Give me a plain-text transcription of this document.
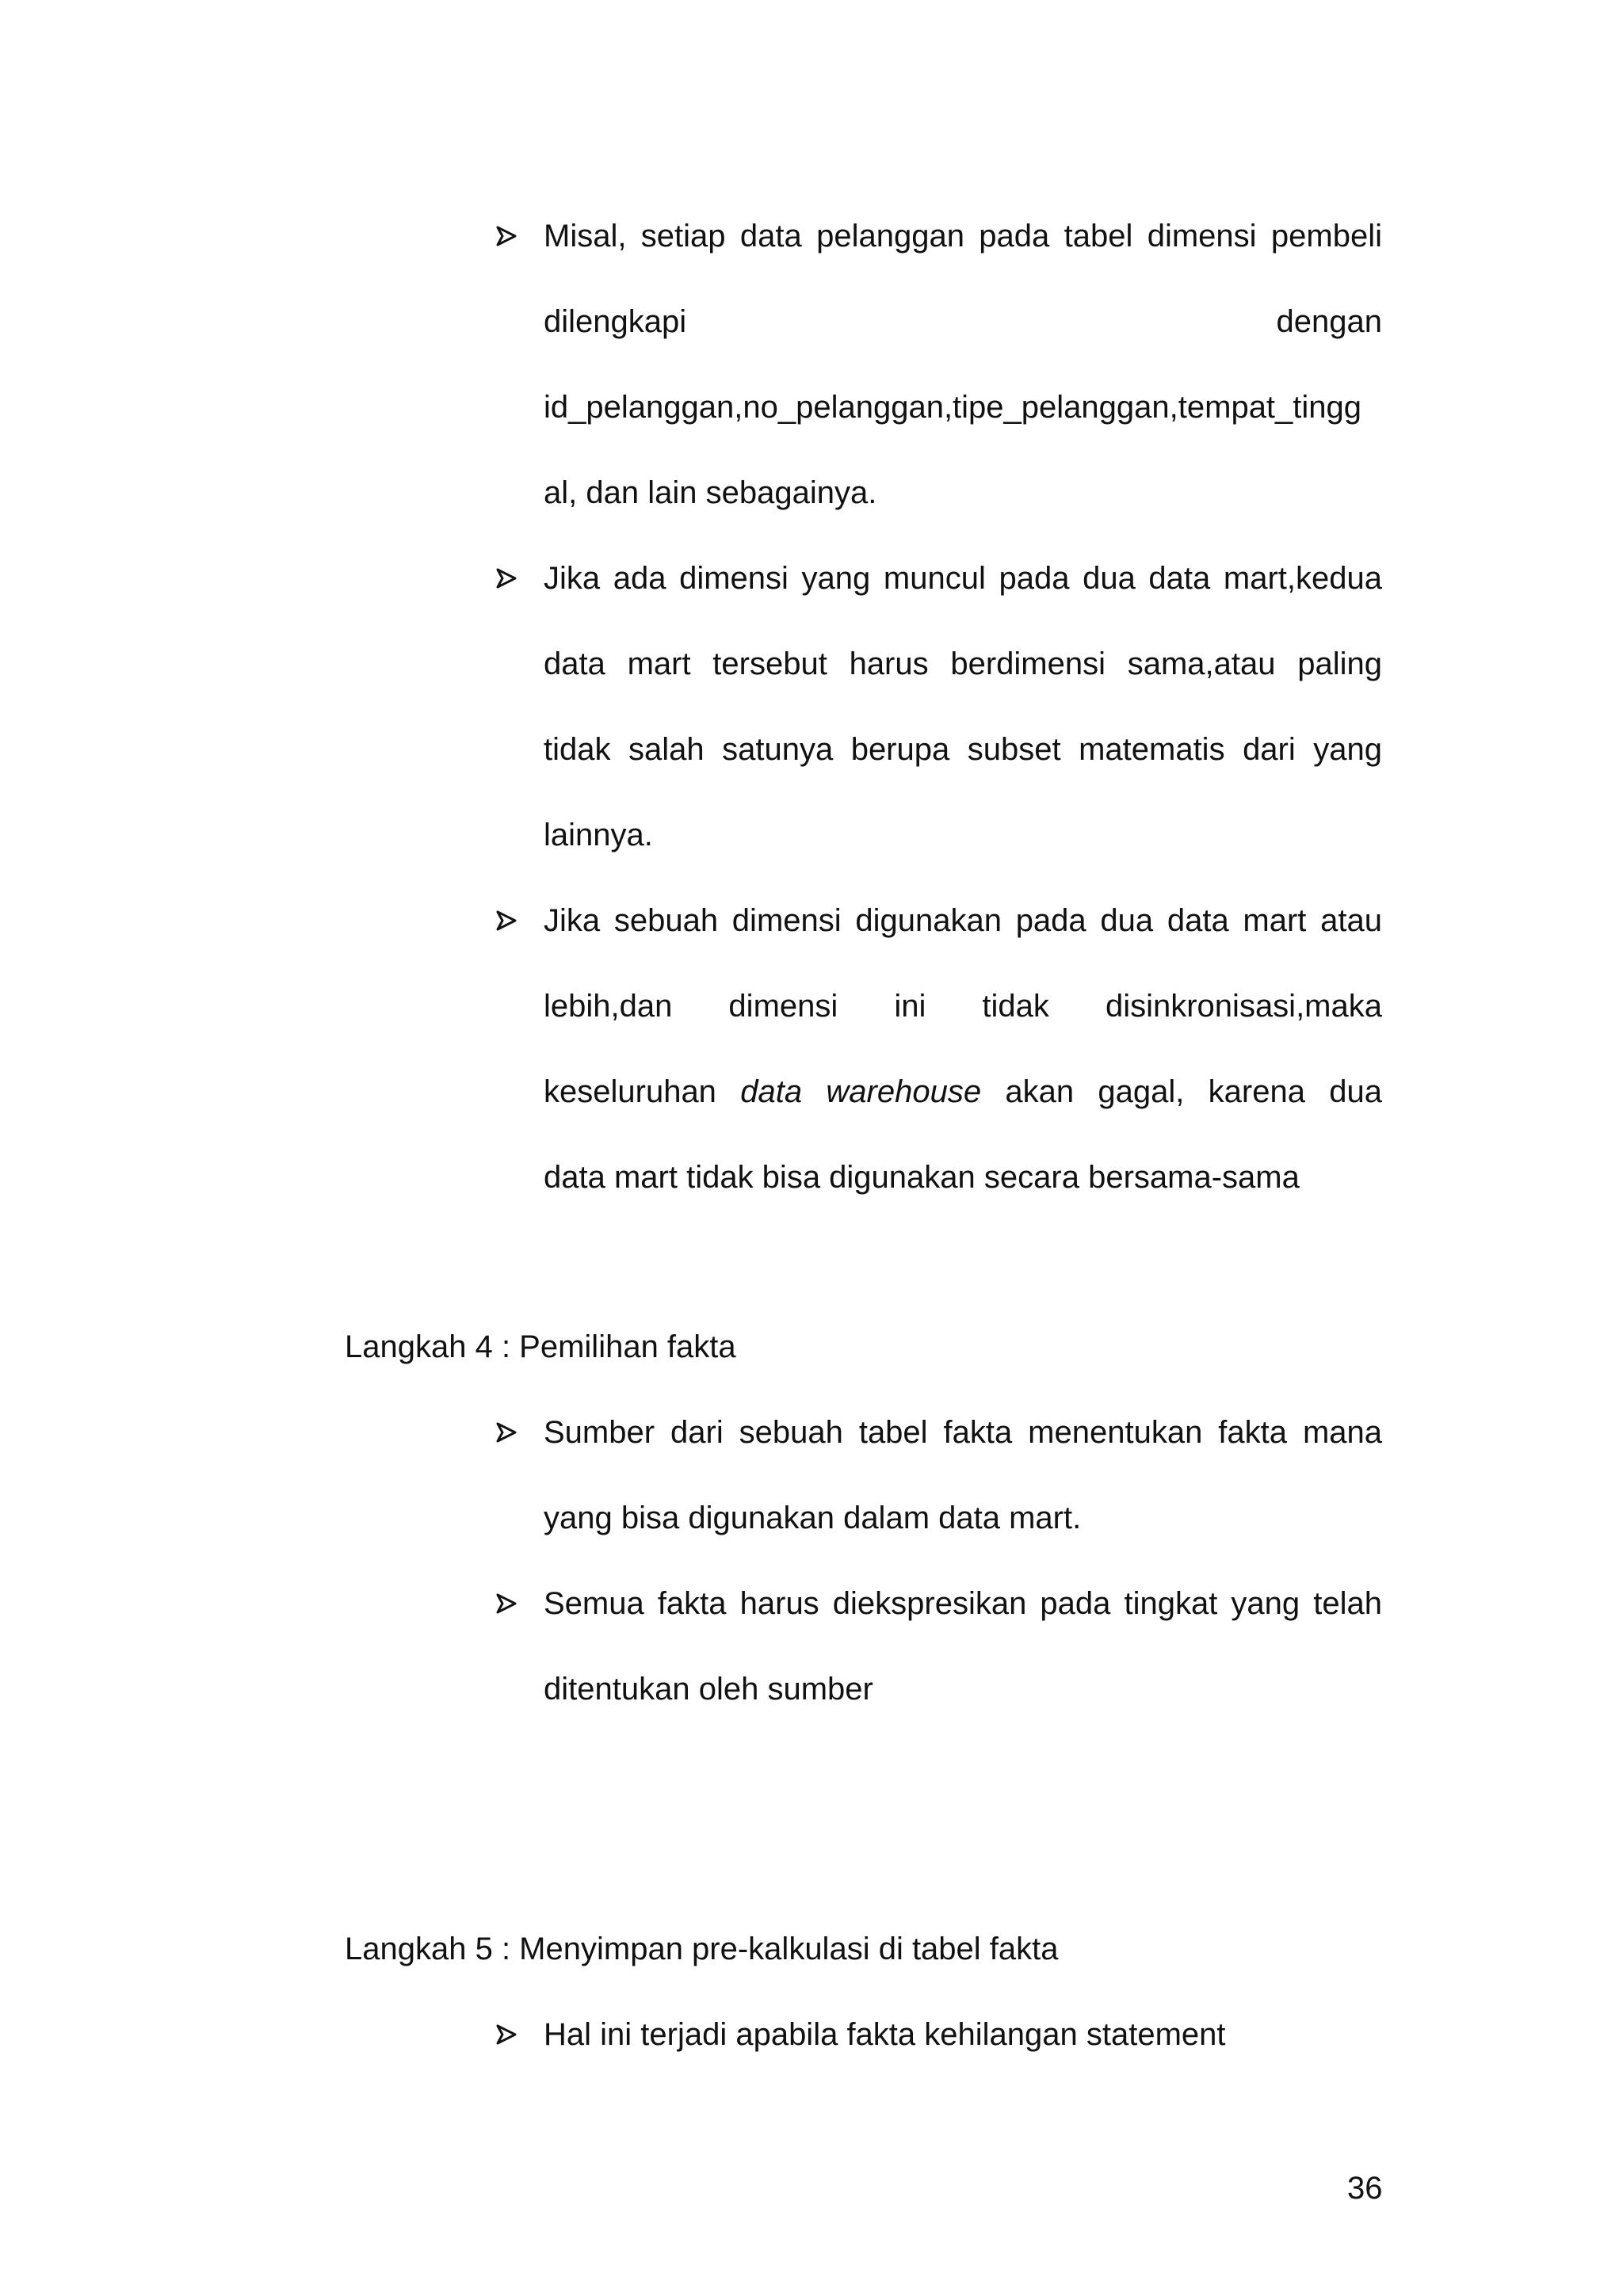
Misal, setiap data pelanggan pada tabel dimensi pembeli
dilengkapi	dengan
id_pelanggan,no_pelanggan,tipe_pelanggan,tempat_tingg
al, dan lain sebagainya.
Jika ada dimensi yang muncul pada dua data mart,kedua
data mart tersebut harus berdimensi sama,atau paling
tidak salah satunya berupa subset matematis dari yang
lainnya.
Jika sebuah dimensi digunakan pada dua data mart atau
lebih,dan dimensi ini tidak disinkronisasi,maka
keseluruhan data warehouse akan gagal, karena dua
data mart tidak bisa digunakan secara bersama-sama
Langkah 4 : Pemilihan fakta
Sumber dari sebuah tabel fakta menentukan fakta mana
yang bisa digunakan dalam data mart.
Semua fakta harus diekspresikan pada tingkat yang telah
ditentukan oleh sumber
Langkah 5 : Menyimpan pre-kalkulasi di tabel fakta
Hal ini terjadi apabila fakta kehilangan statement
36
